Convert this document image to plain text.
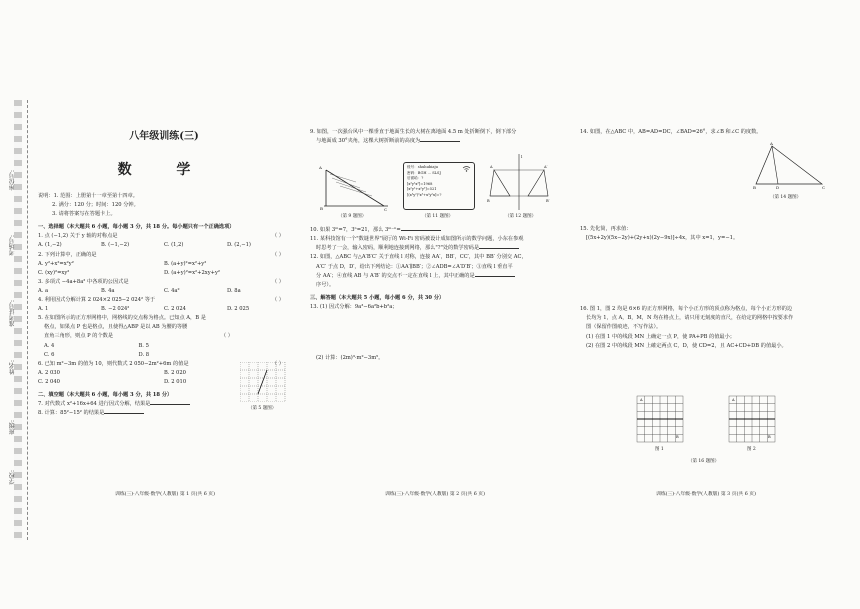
学校:
班级:
姓名:
准考证号:
考场号:
座位号:
八年级训练(三)
数 学
说明：1. 范围：上册第十一章至第十四章。
2. 满分：120 分；时间：120 分钟。
3. 请将答案写在答题卡上。
一、选择题（本大题共 6 小题，每小题 3 分，共 18 分。每小题只有一个正确选项）
1. 点 (−1,2) 关于 y 轴的对称点是	（ ）
A. (1,−2)	B. (−1,−2)	C. (1,2)	D. (2,−1)
2. 下列计算中，正确的是	（ ）
A. y²+x²=x²y²	B. (a+y)²=x²+y²
C. (xy)²=xy²	D. (a+y)²=x²+2xy+y²
3. 多项式 −4a+8a² 中各项的公因式是	（ ）
A. a	B. 4a	C. 4a²	D. 8a
4. 利用因式分解计算 2 024×2 025−2 024² 等于	（ ）
A. 1	B. −2 024²	C. 2 024	D. 2 025
5. 在如图所示的正方形网格中，网格线的交点称为格点。已知点 A，B 是
格点，如果点 P 也是格点，且使得△ABP 是以 AB 为腰的等腰
直角三角形，则点 P 的个数是	（ ）
A. 4	B. 5
C. 6	D. 8
6. 已知 m²−3m 的值为 10，则代数式 2 050−2m²+6m 的值是	（ ）
A. 2 030	B. 2 020
C. 2 040	D. 2 010
二、填空题（本大题共 6 小题，每小题 3 分，共 18 分）
7. 对代数式 x²+16x+64 进行因式分解，结果是
8. 计算：85²−15² 的结果是
（第 5 题图）
9. 如图，一次强台风中一棵垂直于地面生长的大树在离地面 4.5 m 处折断倒下，倒下部分
与地面成 30°夹角，这棵大树折断前的高度为
10. 如果 3ᵐ=7，3ⁿ=21，那么 3ᵐ⁻ⁿ=
11. 某科技馆有一个"数谜世界"展厅的 Wi-Fi 密码被设计成如图所示的数学问题，小东在参观
时思考了一会，输入密码，顺利地连接到网络，那么"?"处的数学密码是
12. 如图，△ABC 与△A′B′C′ 关于直线 l 对称，连接 AA′，BB′，CC′，其中 BB′ 分别交 AC，
A′C′ 于点 D，D′，给出下列结论：①AA′∥BB′；②∠ADB=∠A′D′B′；③直线 l 垂直平
分 AA′；④直线 AB 与 A′B′ 的交点不一定在直线 l 上，其中正确的是
序号）。
三、解答题（本大题共 5 小题，每小题 6 分，共 30 分）
13. (1) 因式分解：9a³−6a²b+b²a；
(2) 计算：(2m)³·m²−3m⁵。
A
B	C
（第 9 题图）
账号：shuhubiaju
密码：BGH ... SLSJ
后面给：?
[x³y²x³]=1968
[x²y²+x²y²]=521
[(x³y²)²x³+x²y²x]=?
（第 11 题图）
l
A	A′
B	B′
（第 12 题图）
14. 如图，在△ABC 中，AB=AD=DC，∠BAD=26°，求∠B 和∠C 的度数。
15. 先化简，再求值：
[(5x+2y)(5x−2y)+(2y+x)(2y−9x)]÷4x，其中 x=1，y=−1。
16. 图 1，图 2 均是 6×6 的正方形网格，每个小正方形的顶点称为格点，每个小正方形的边
长均为 1，点 A，B，M，N 均在格点上，请只用无刻度的直尺，在给定的网格中按要求作
图（保留作图痕迹，不写作法）。
(1) 在图 1 中的线段 MN 上确定一点 P，使 PA+PB 的值最小；
(2) 在图 2 中的线段 MN 上確定两点 C，D，使 CD=2，且 AC+CD+DB 的值最小。
A
B	D	C
（第 14 题图）
A
B
A
B
图 1	图 2
（第 16 题图）
训练(三)·八年级·数学(人教版) 第 1 页(共 6 页)	训练(三)·八年级·数学(人教版) 第 2 页(共 6 页)	训练(三)·八年级·数学(人教版) 第 3 页(共 6 页)
